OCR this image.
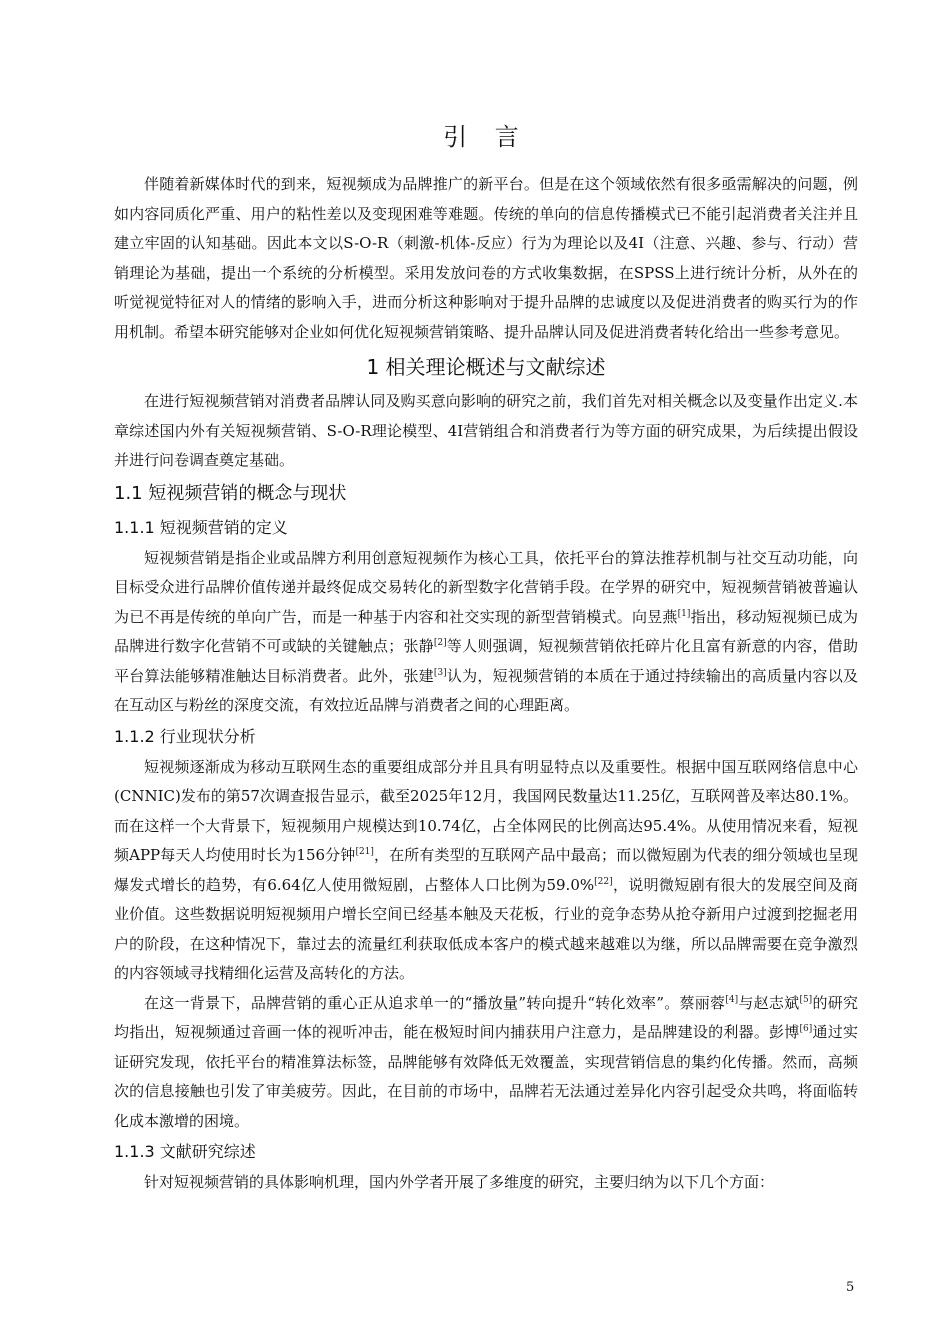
引 言

伴随着新媒体时代的到来，短视频成为品牌推广的新平台。但是在这个领域依然有很多亟需解决的问题，例如内容同质化严重、用户的粘性差以及变现困难等难题。传统的单向的信息传播模式已不能引起消费者关注并且建立牢固的认知基础。因此本文以S-O-R（刺激-机体-反应）行为为理论以及4I（注意、兴趣、参与、行动）营销理论为基础，提出一个系统的分析模型。采用发放问卷的方式收集数据，在SPSS上进行统计分析，从外在的听觉视觉特征对人的情绪的影响入手，进而分析这种影响对于提升品牌的忠诚度以及促进消费者的购买行为的作用机制。希望本研究能够对企业如何优化短视频营销策略、提升品牌认同及促进消费者转化给出一些参考意见。

1 相关理论概述与文献综述

在进行短视频营销对消费者品牌认同及购买意向影响的研究之前，我们首先对相关概念以及变量作出定义.本章综述国内外有关短视频营销、S-O-R理论模型、4I营销组合和消费者行为等方面的研究成果，为后续提出假设并进行问卷调查奠定基础。

1.1 短视频营销的概念与现状
1.1.1 短视频营销的定义

短视频营销是指企业或品牌方利用创意短视频作为核心工具，依托平台的算法推荐机制与社交互动功能，向目标受众进行品牌价值传递并最终促成交易转化的新型数字化营销手段。在学界的研究中，短视频营销被普遍认为已不再是传统的单向广告，而是一种基于内容和社交实现的新型营销模式。向昱燕[1]指出，移动短视频已成为品牌进行数字化营销不可或缺的关键触点；张静[2]等人则强调，短视频营销依托碎片化且富有新意的内容，借助平台算法能够精准触达目标消费者。此外，张建[3]认为，短视频营销的本质在于通过持续输出的高质量内容以及在互动区与粉丝的深度交流，有效拉近品牌与消费者之间的心理距离。

1.1.2 行业现状分析

短视频逐渐成为移动互联网生态的重要组成部分并且具有明显特点以及重要性。根据中国互联网络信息中心(CNNIC)发布的第57次调查报告显示，截至2025年12月，我国网民数量达11.25亿，互联网普及率达80.1%。而在这样一个大背景下，短视频用户规模达到10.74亿，占全体网民的比例高达95.4%。从使用情况来看，短视频APP每天人均使用时长为156分钟[21]，在所有类型的互联网产品中最高；而以微短剧为代表的细分领域也呈现爆发式增长的趋势，有6.64亿人使用微短剧，占整体人口比例为59.0%[22]，说明微短剧有很大的发展空间及商业价值。这些数据说明短视频用户增长空间已经基本触及天花板，行业的竞争态势从抢夺新用户过渡到挖掘老用户的阶段，在这种情况下，靠过去的流量红利获取低成本客户的模式越来越难以为继，所以品牌需要在竞争激烈的内容领域寻找精细化运营及高转化的方法。

在这一背景下，品牌营销的重心正从追求单一的“播放量”转向提升“转化效率”。蔡丽蓉[4]与赵志斌[5]的研究均指出，短视频通过音画一体的视听冲击，能在极短时间内捕获用户注意力，是品牌建设的利器。彭博[6]通过实证研究发现，依托平台的精准算法标签，品牌能够有效降低无效覆盖，实现营销信息的集约化传播。然而，高频次的信息接触也引发了审美疲劳。因此，在目前的市场中，品牌若无法通过差异化内容引起受众共鸣，将面临转化成本激增的困境。

1.1.3 文献研究综述

针对短视频营销的具体影响机理，国内外学者开展了多维度的研究，主要归纳为以下几个方面：

5
